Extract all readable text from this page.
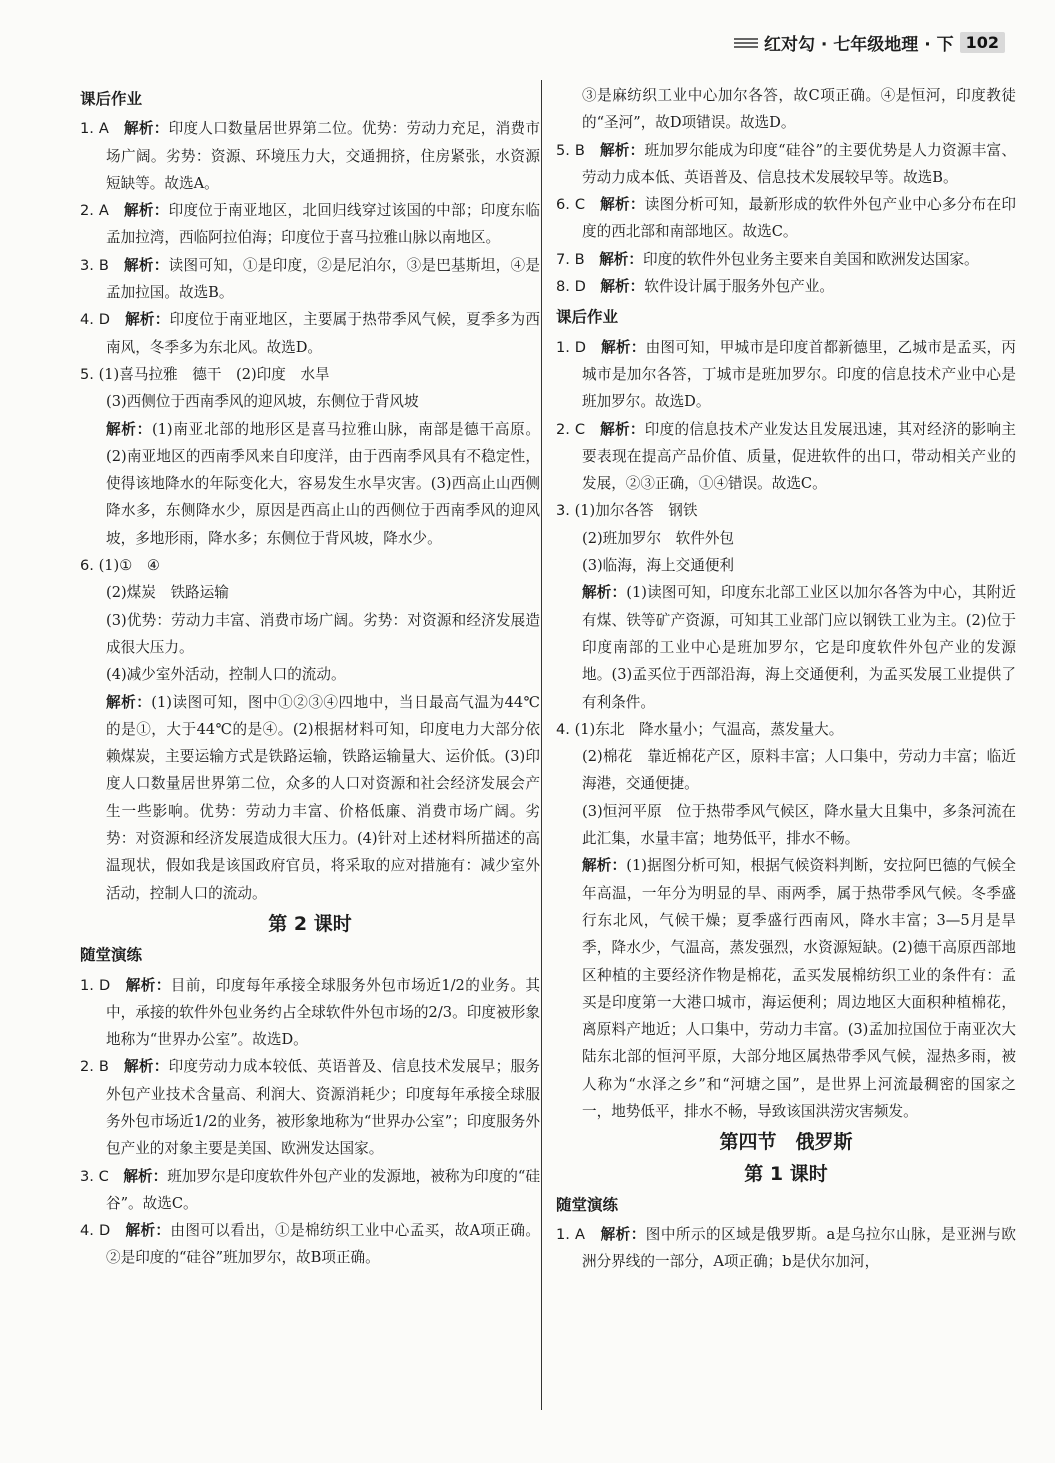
红对勾 · 七年级地理 · 下 102
课后作业
1. A　解析：印度人口数量居世界第二位。优势：劳动力充足，消费市场广阔。劣势：资源、环境压力大，交通拥挤，住房紧张，水资源短缺等。故选A。
2. A　解析：印度位于南亚地区，北回归线穿过该国的中部；印度东临孟加拉湾，西临阿拉伯海；印度位于喜马拉雅山脉以南地区。
3. B　解析：读图可知，①是印度，②是尼泊尔，③是巴基斯坦，④是孟加拉国。故选B。
4. D　解析：印度位于南亚地区，主要属于热带季风气候，夏季多为西南风，冬季多为东北风。故选D。
5. (1)喜马拉雅　德干　(2)印度　水旱
(3)西侧位于西南季风的迎风坡，东侧位于背风坡
解析：(1)南亚北部的地形区是喜马拉雅山脉，南部是德干高原。(2)南亚地区的西南季风来自印度洋，由于西南季风具有不稳定性，使得该地降水的年际变化大，容易发生水旱灾害。(3)西高止山西侧降水多，东侧降水少，原因是西高止山的西侧位于西南季风的迎风坡，多地形雨，降水多；东侧位于背风坡，降水少。
6. (1)①　④
(2)煤炭　铁路运输
(3)优势：劳动力丰富、消费市场广阔。劣势：对资源和经济发展造成很大压力。
(4)减少室外活动，控制人口的流动。
解析：(1)读图可知，图中①②③④四地中，当日最高气温为44℃的是①，大于44℃的是④。(2)根据材料可知，印度电力大部分依赖煤炭，主要运输方式是铁路运输，铁路运输量大、运价低。(3)印度人口数量居世界第二位，众多的人口对资源和社会经济发展会产生一些影响。优势：劳动力丰富、价格低廉、消费市场广阔。劣势：对资源和经济发展造成很大压力。(4)针对上述材料所描述的高温现状，假如我是该国政府官员，将采取的应对措施有：减少室外活动，控制人口的流动。
第 2 课时
随堂演练
1. D　解析：目前，印度每年承接全球服务外包市场近1/2的业务。其中，承接的软件外包业务约占全球软件外包市场的2/3。印度被形象地称为“世界办公室”。故选D。
2. B　解析：印度劳动力成本较低、英语普及、信息技术发展早；服务外包产业技术含量高、利润大、资源消耗少；印度每年承接全球服务外包市场近1/2的业务，被形象地称为“世界办公室”；印度服务外包产业的对象主要是美国、欧洲发达国家。
3. C　解析：班加罗尔是印度软件外包产业的发源地，被称为印度的“硅谷”。故选C。
4. D　解析：由图可以看出，①是棉纺织工业中心孟买，故A项正确。②是印度的“硅谷”班加罗尔，故B项正确。
③是麻纺织工业中心加尔各答，故C项正确。④是恒河，印度教徒的“圣河”，故D项错误。故选D。
5. B　解析：班加罗尔能成为印度“硅谷”的主要优势是人力资源丰富、劳动力成本低、英语普及、信息技术发展较早等。故选B。
6. C　解析：读图分析可知，最新形成的软件外包产业中心多分布在印度的西北部和南部地区。故选C。
7. B　解析：印度的软件外包业务主要来自美国和欧洲发达国家。
8. D　解析：软件设计属于服务外包产业。
课后作业
1. D　解析：由图可知，甲城市是印度首都新德里，乙城市是孟买，丙城市是加尔各答，丁城市是班加罗尔。印度的信息技术产业中心是班加罗尔。故选D。
2. C　解析：印度的信息技术产业发达且发展迅速，其对经济的影响主要表现在提高产品价值、质量，促进软件的出口，带动相关产业的发展，②③正确，①④错误。故选C。
3. (1)加尔各答　钢铁
(2)班加罗尔　软件外包
(3)临海，海上交通便利
解析：(1)读图可知，印度东北部工业区以加尔各答为中心，其附近有煤、铁等矿产资源，可知其工业部门应以钢铁工业为主。(2)位于印度南部的工业中心是班加罗尔，它是印度软件外包产业的发源地。(3)孟买位于西部沿海，海上交通便利，为孟买发展工业提供了有利条件。
4. (1)东北　降水量小；气温高，蒸发量大。
(2)棉花　靠近棉花产区，原料丰富；人口集中，劳动力丰富；临近海港，交通便捷。
(3)恒河平原　位于热带季风气候区，降水量大且集中，多条河流在此汇集，水量丰富；地势低平，排水不畅。
解析：(1)据图分析可知，根据气候资料判断，安拉阿巴德的气候全年高温，一年分为明显的旱、雨两季，属于热带季风气候。冬季盛行东北风，气候干燥；夏季盛行西南风，降水丰富；3—5月是旱季，降水少，气温高，蒸发强烈，水资源短缺。(2)德干高原西部地区种植的主要经济作物是棉花，孟买发展棉纺织工业的条件有：孟买是印度第一大港口城市，海运便利；周边地区大面积种植棉花，离原料产地近；人口集中，劳动力丰富。(3)孟加拉国位于南亚次大陆东北部的恒河平原，大部分地区属热带季风气候，湿热多雨，被人称为“水泽之乡”和“河塘之国”，是世界上河流最稠密的国家之一，地势低平，排水不畅，导致该国洪涝灾害频发。
第四节　俄罗斯
第 1 课时
随堂演练
1. A　解析：图中所示的区域是俄罗斯。a是乌拉尔山脉，是亚洲与欧洲分界线的一部分，A项正确；b是伏尔加河，
